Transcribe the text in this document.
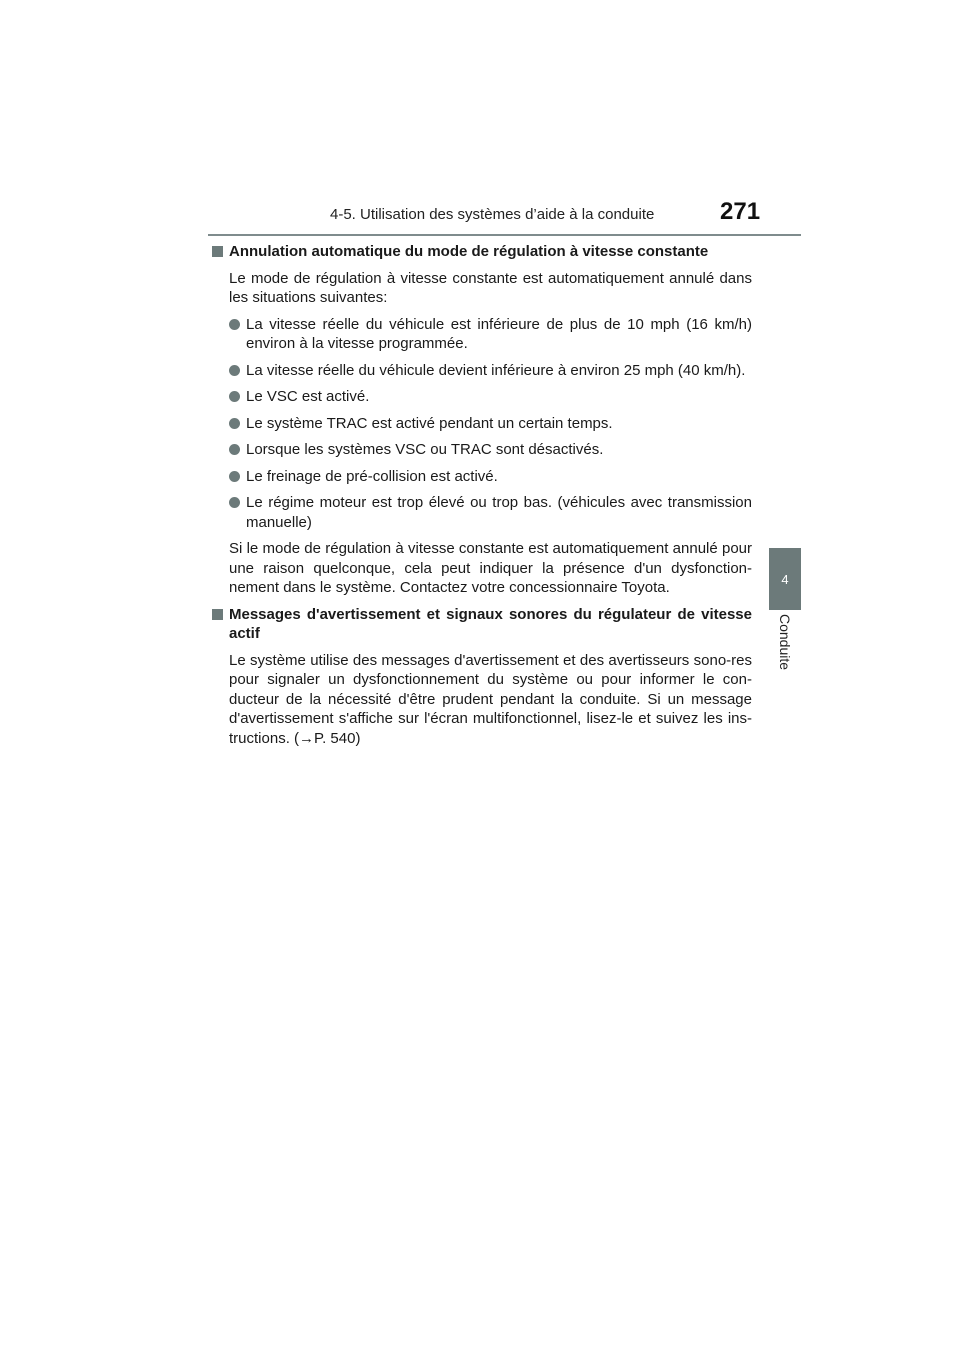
4-5. Utilisation des systèmes d’aide à la conduite	271
4
Conduite
Annulation automatique du mode de régulation à vitesse constante

Le mode de régulation à vitesse constante est automatiquement annulé dans les situations suivantes:

La vitesse réelle du véhicule est inférieure de plus de 10 mph (16 km/h) environ à la vitesse programmée.
La vitesse réelle du véhicule devient inférieure à environ 25 mph (40 km/h).
Le VSC est activé.
Le système TRAC est activé pendant un certain temps.
Lorsque les systèmes VSC ou TRAC sont désactivés.
Le freinage de pré-collision est activé.
Le régime moteur est trop élevé ou trop bas. (véhicules avec transmission manuelle)

Si le mode de régulation à vitesse constante est automatiquement annulé pour une raison quelconque, cela peut indiquer la présence d'un dysfonction-nement dans le système. Contactez votre concessionnaire Toyota.

Messages d'avertissement et signaux sonores du régulateur de vitesse actif

Le système utilise des messages d'avertissement et des avertisseurs sono-res pour signaler un dysfonctionnement du système ou pour informer le con-ducteur de la nécessité d'être prudent pendant la conduite. Si un message d'avertissement s'affiche sur l'écran multifonctionnel, lisez-le et suivez les ins-tructions. (→P. 540)
